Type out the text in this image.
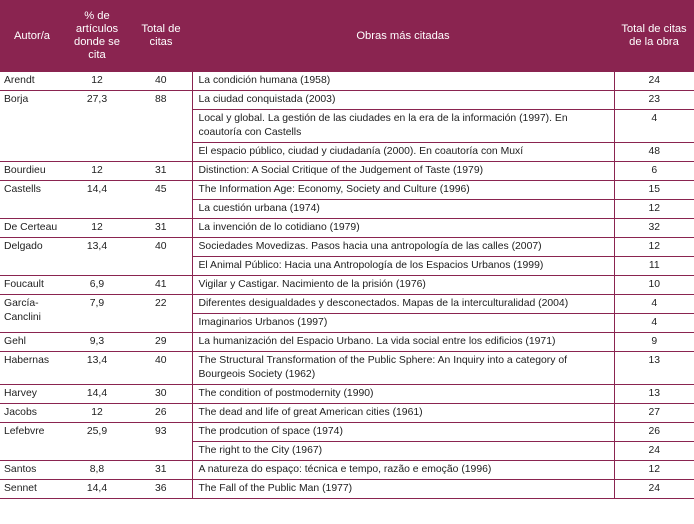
Autor/a	% de artículos donde se cita	Total de citas	Obras más citadas	Total de citas de la obra
Arendt	12	40	La condición humana (1958)	24
Borja	27,3	88	La ciudad conquistada (2003)	23
			Local y global. La gestión de las ciudades en la era de la información (1997). En coautoría con Castells	4
			El espacio público, ciudad y ciudadanía (2000). En coautoría con Muxí	48
Bourdieu	12	31	Distinction: A Social Critique of the Judgement of Taste (1979)	6
Castells	14,4	45	The Information Age: Economy, Society and Culture (1996)	15
			La cuestión urbana (1974)	12
De Certeau	12	31	La invención de lo cotidiano (1979)	32
Delgado	13,4	40	Sociedades Movedizas. Pasos hacia una antropología de las calles (2007)	12
			El Animal Público: Hacia una Antropología de los Espacios Urbanos (1999)	11
Foucault	6,9	41	Vigilar y Castigar. Nacimiento de la prisión (1976)	10
García-Canclini	7,9	22	Diferentes desigualdades y desconectados. Mapas de la interculturalidad (2004)	4
			Imaginarios Urbanos (1997)	4
Gehl	9,3	29	La humanización del Espacio Urbano. La vida social entre los edificios (1971)	9
Habernas	13,4	40	The Structural Transformation of the Public Sphere: An Inquiry into a category of Bourgeois Society (1962)	13
Harvey	14,4	30	The condition of postmodernity (1990)	13
Jacobs	12	26	The dead and life of great American cities (1961)	27
Lefebvre	25,9	93	The prodcution of space (1974)	26
			The right to the City (1967)	24
Santos	8,8	31	A natureza do espaço: técnica e tempo, razão e emoção (1996)	12
Sennet	14,4	36	The Fall of the Public Man (1977)	24
